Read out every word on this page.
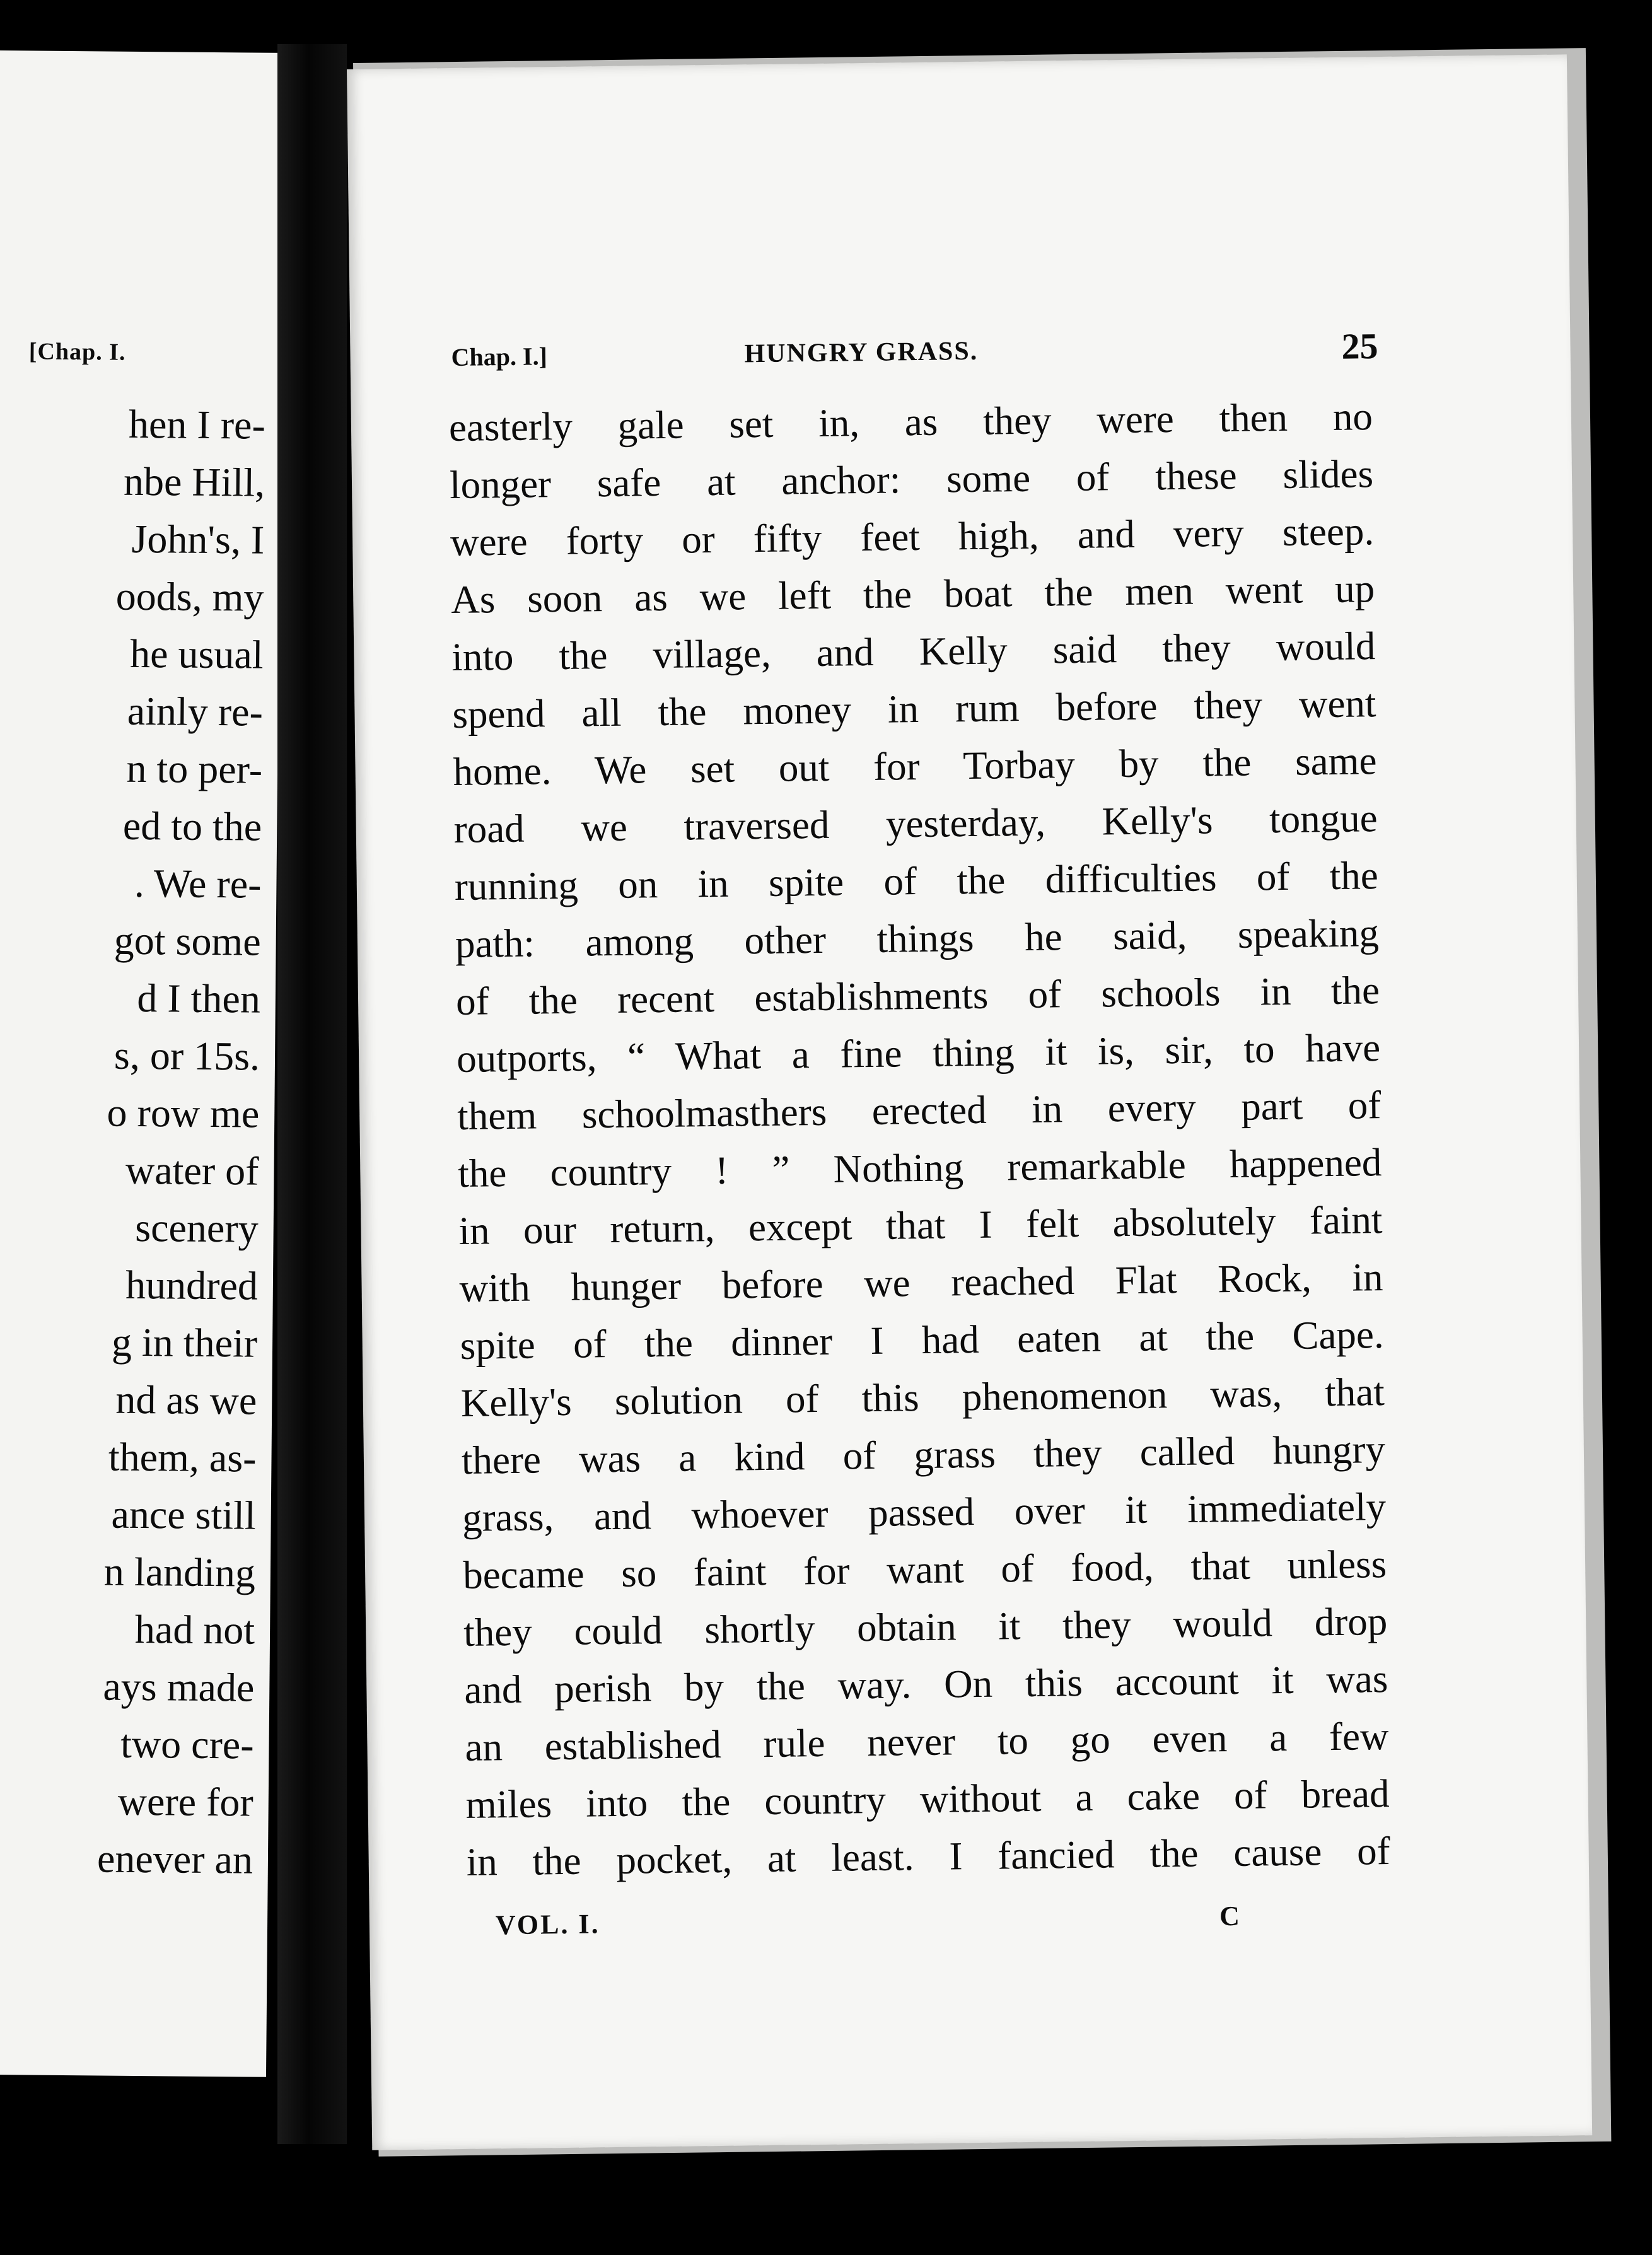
[Chap. I.
hen I re-
nbe Hill,
John's, I
oods, my
he usual
ainly re-
n to per-
ed to the
. We re-
got some
d I then
s, or 15s.
o row me
water of
scenery
hundred
g in their
nd as we
them, as-
ance still
n landing
had not
ays made
two cre-
were for
enever an
Chap. I.]	HUNGRY GRASS.	25
easterly gale set in, as they were then no
longer safe at anchor: some of these slides
were forty or fifty feet high, and very steep.
As soon as we left the boat the men went up
into the village, and Kelly said they would
spend all the money in rum before they went
home. We set out for Torbay by the same
road we traversed yesterday, Kelly's tongue
running on in spite of the difficulties of the
path: among other things he said, speaking
of the recent establishments of schools in the
outports, “ What a fine thing it is, sir, to have
them schoolmasthers erected in every part of
the country ! ” Nothing remarkable happened
in our return, except that I felt absolutely faint
with hunger before we reached Flat Rock, in
spite of the dinner I had eaten at the Cape.
Kelly's solution of this phenomenon was, that
there was a kind of grass they called hungry
grass, and whoever passed over it immediately
became so faint for want of food, that unless
they could shortly obtain it they would drop
and perish by the way. On this account it was
an established rule never to go even a few
miles into the country without a cake of bread
in the pocket, at least. I fancied the cause of
VOL. I.	C
